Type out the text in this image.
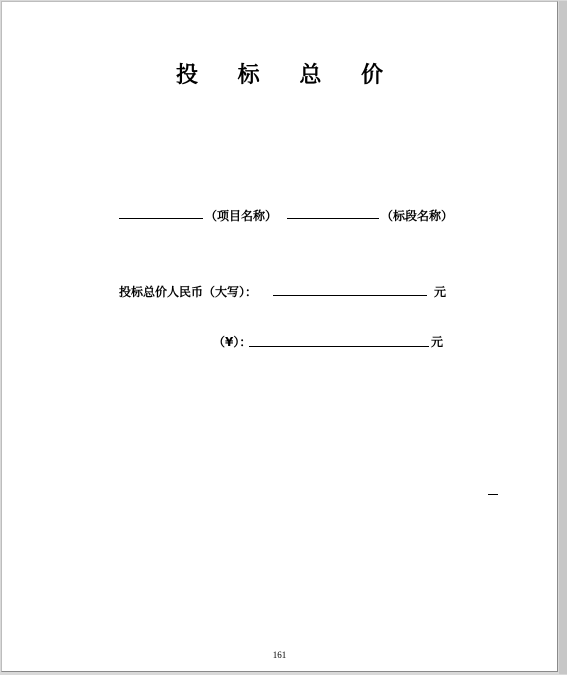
投 标 总 价
（项目名称）	（标段名称）
投标总价人民币（大写）：	元
（¥）：	元
161
